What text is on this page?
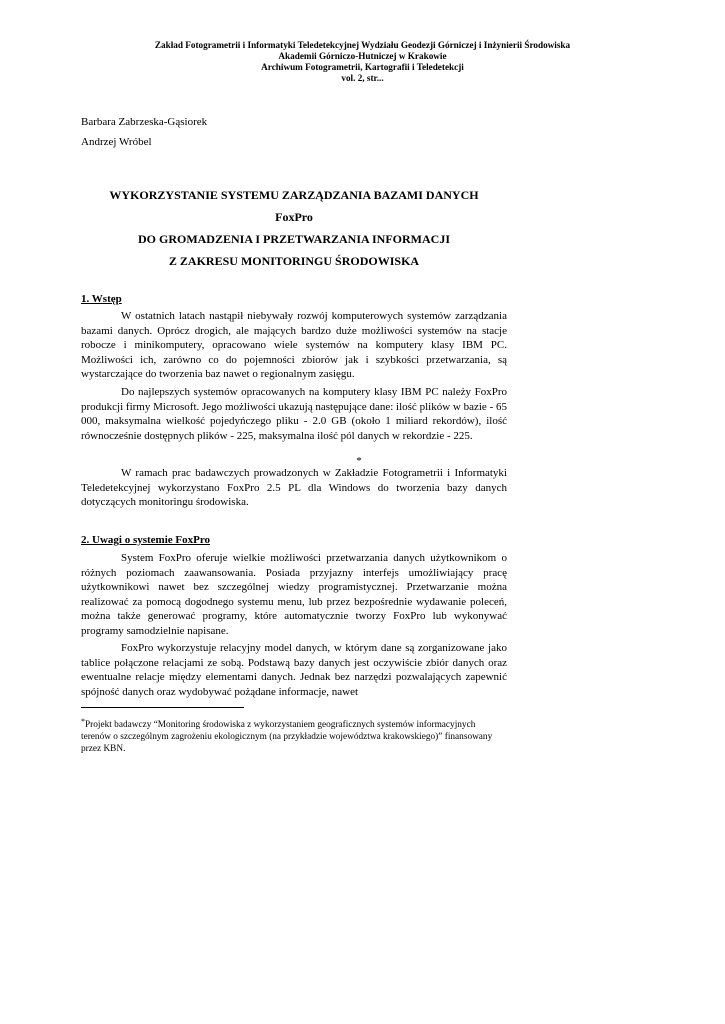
Zakład Fotogrametrii i Informatyki Teledetekcyjnej Wydziału Geodezji Górniczej i Inżynierii Środowiska
Akademii Górniczo-Hutniczej w Krakowie
Archiwum Fotogrametrii, Kartografii i Teledetekcji
vol. 2, str...
Barbara Zabrzeska-Gąsiorek
Andrzej Wróbel
WYKORZYSTANIE SYSTEMU ZARZĄDZANIA BAZAMI DANYCH
FoxPro
DO GROMADZENIA I PRZETWARZANIA INFORMACJI
Z ZAKRESU MONITORINGU ŚRODOWISKA
1. Wstęp

W ostatnich latach nastąpił niebywały rozwój komputerowych systemów zarządzania bazami danych. Oprócz drogich, ale mających bardzo duże możliwości systemów na stacje robocze i minikomputery, opracowano wiele systemów na komputery klasy IBM PC. Możliwości ich, zarówno co do pojemności zbiorów jak i szybkości przetwarzania, są wystarczające do tworzenia baz nawet o regionalnym zasięgu.

Do najlepszych systemów opracowanych na komputery klasy IBM PC należy FoxPro produkcji firmy Microsoft. Jego możliwości ukazują następujące dane: ilość plików w bazie - 65 000, maksymalna wielkość pojedyńczego pliku - 2.0 GB (około 1 miliard rekordów), ilość równocześnie dostępnych plików - 225, maksymalna ilość pól danych w rekordzie - 225.

*

W ramach prac badawczych prowadzonych w Zakładzie Fotogrametrii i Informatyki Teledetekcyjnej wykorzystano FoxPro 2.5 PL dla Windows do tworzenia bazy danych dotyczących monitoringu środowiska.

2. Uwagi o systemie FoxPro

System FoxPro oferuje wielkie możliwości przetwarzania danych użytkownikom o różnych poziomach zaawansowania. Posiada przyjazny interfejs umożliwiający pracę użytkownikowi nawet bez szczególnej wiedzy programistycznej. Przetwarzanie można realizować za pomocą dogodnego systemu menu, lub przez bezpośrednie wydawanie poleceń, można także generować programy, które automatycznie tworzy FoxPro lub wykonywać programy samodzielnie napisane.

FoxPro wykorzystuje relacyjny model danych, w którym dane są zorganizowane jako tablice połączone relacjami ze sobą. Podstawą bazy danych jest oczywiście zbiór danych oraz ewentualne relacje między elementami danych. Jednak bez narzędzi pozwalających zapewnić spójność danych oraz wydobywać pożądane informacje, nawet

*Projekt badawczy “Monitoring środowiska z wykorzystaniem geograficznych systemów informacyjnych terenów o szczególnym zagrożeniu ekologicznym (na przykładzie województwa krakowskiego)” finansowany przez KBN.
